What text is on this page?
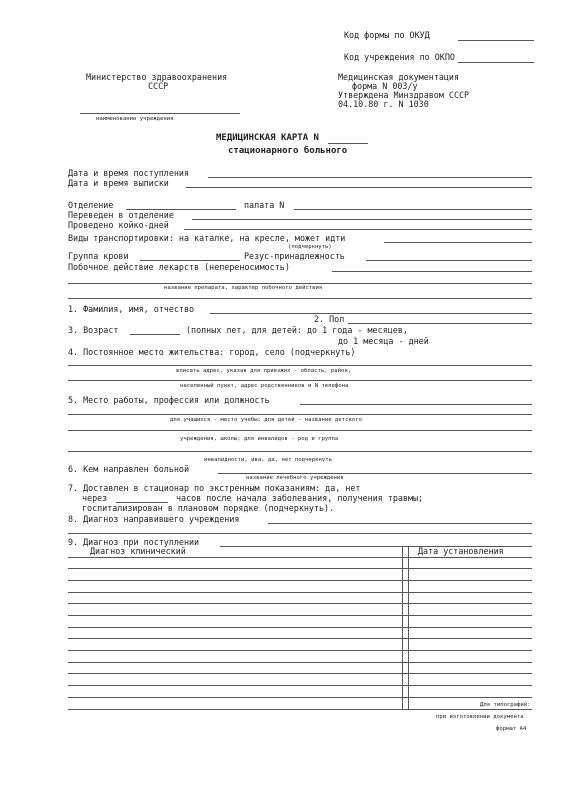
Код формы по ОКУД
Код учреждения по ОКПО
Министерство здравоохранения
СССР
наименование учреждения
Медицинская документация
форма N 003/у
Утверждена Минздравом СССР
04.10.80 г. N 1030
МЕДИЦИНСКАЯ КАРТА N
стационарного больного
Дата и время поступления
Дата и время выписки
Отделение	палата N
Переведен в отделение
Проведено койко-дней
Виды транспортировки: на каталке, на кресле, может идти
(подчеркнуть)
Группа крови	Резус-принадлежность
Побочное действие лекарств (непереносимость)
название препарата, характер побочного действия
1. Фамилия, имя, отчество
2. Пол
3. Возраст	(полных лет, для детей: до 1 года - месяцев,
до 1 месяца - дней
4. Постоянное место жительства: город, село (подчеркнуть)
вписать адрес, указав для приезжих - область, район,
населенный пункт, адрес родственников и N телефона
5. Место работы, профессия или должность
для учащихся - место учебы; для детей - название детского
учреждения, школы; для инвалидов - род и группа
инвалидности, ива, да, нет подчеркнуть
6. Кем направлен больной
название лечебного учреждения
7. Доставлен в стационар по экстренным показаниям: да, нет
через	часов после начала заболевания, получения травмы;
госпитализирован в плановом порядке (подчеркнуть).
8. Диагноз направившего учреждения
9. Диагноз при поступлении
Диагноз клинический	Дата установления
Для типографий:
при изготовлении документа
формат А4
